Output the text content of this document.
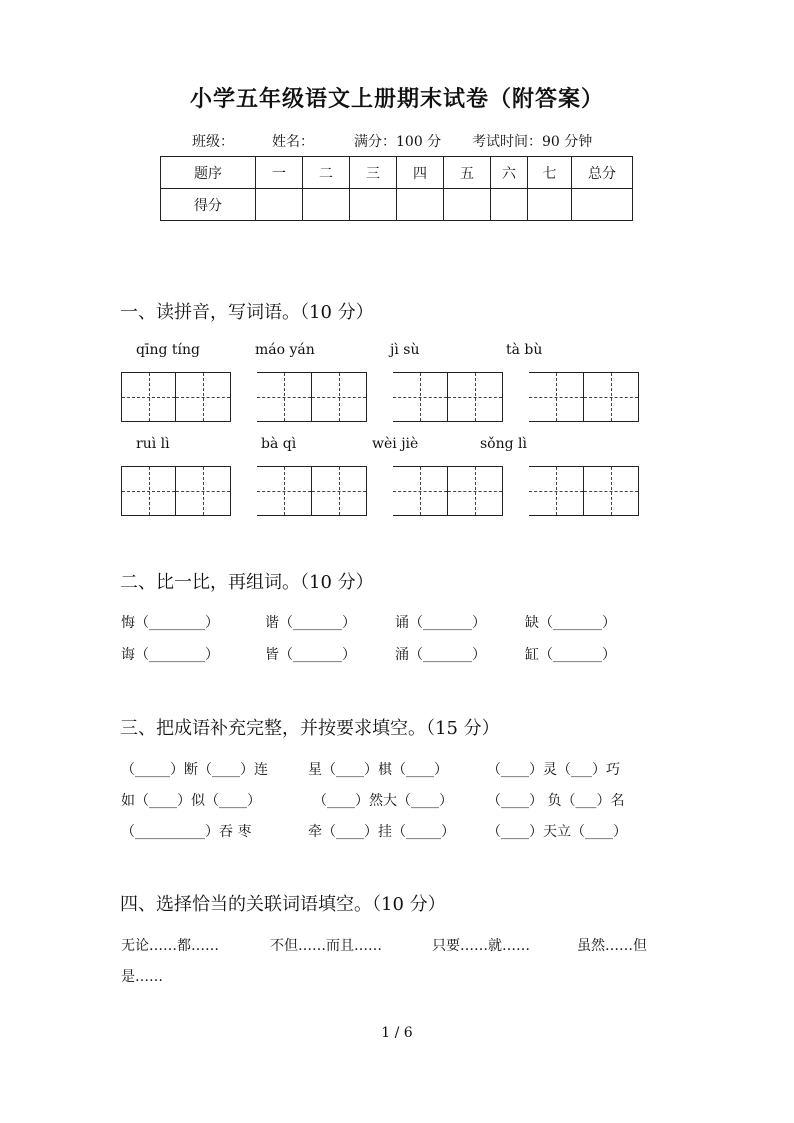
小学五年级语文上册期末试卷（附答案）
班级：	姓名：	满分：100 分 考试时间：90 分钟
题序	一	二	三	四	五	六	七	总分
得分								
一、读拼音，写词语。（10 分）
qīng tíng	máo yán	jì sù	tà bù
ruì lì	bà qì	wèi jiè	sǒng lì
二、比一比，再组词。（10 分）
悔（________）	谐（_______）	诵（_______）	缺（_______）
诲（________）	皆（_______）	涌（_______）	缸（_______）
三、把成语补充完整，并按要求填空。（15 分）
（_____）断（____）连	星（____）棋（____）	（____）灵（___）巧
如（____）似（____）	（____）然大（____） （____） 负（___）名
（__________）吞 枣	牵（____）挂（_____） （____）天立（____）
四、选择恰当的关联词语填空。（10 分）
无论……都……	不但……而且……	只要……就……	虽然……但
是……
1 / 6
